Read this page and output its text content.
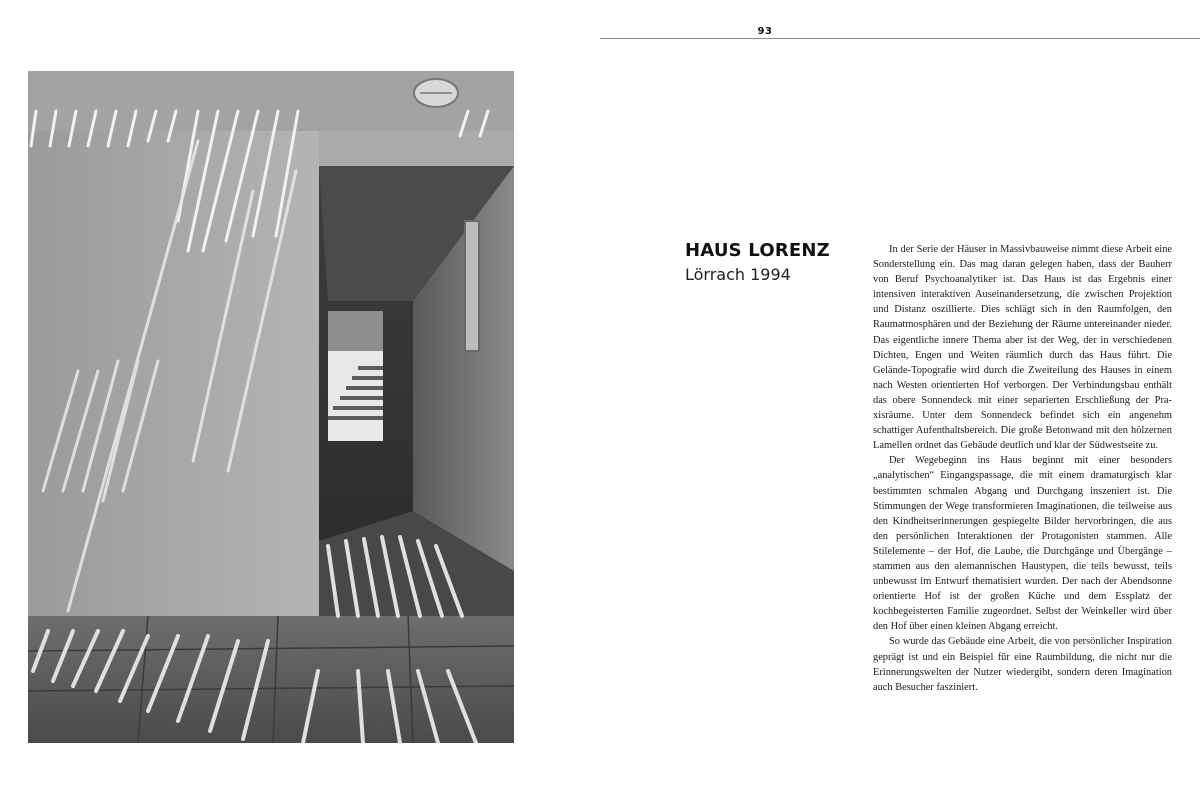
93
HAUS LORENZ
Lörrach 1994

In der Serie der Häuser in Massivbauweise nimmt diese Arbeit eine Sonderstellung ein. Das mag daran gelegen haben, dass der Bauherr von Beruf Psychoanalytiker ist. Das Haus ist das Ergebnis einer intensiven interaktiven Auseinandersetzung, die zwischen Projektion und Distanz oszillierte. Dies schlägt sich in den Raumfolgen, den Raumatmosphären und der Beziehung der Räume untereinander nieder. Das eigentliche innere Thema aber ist der Weg, der in verschiedenen Dichten, Engen und Weiten räumlich durch das Haus führt. Die Gelände-Topografie wird durch die Zweiteilung des Hauses in einem nach Westen orientierten Hof verborgen. Der Verbindungsbau enthält das obere Sonnendeck mit einer separierten Erschließung der Praxisräume. Unter dem Sonnendeck befindet sich ein angenehm schattiger Aufenthaltsbereich. Die große Betonwand mit den hölzernen Lamellen ordnet das Gebäude deutlich und klar der Südwestseite zu.

Der Wegebeginn ins Haus beginnt mit einer besonders „analytischen“ Eingangspassage, die mit einem dramaturgisch klar bestimmten schmalen Abgang und Durchgang inszeniert ist. Die Stimmungen der Wege transformieren Imaginationen, die teilweise aus den Kindheitserinnerungen gespiegelte Bilder hervorbringen, die aus den persönlichen Interaktionen der Protagonisten stammen. Alle Stilelemente – der Hof, die Laube, die Durchgänge und Übergänge – stammen aus den alemannischen Haustypen, die teils bewusst, teils unbewusst im Entwurf thematisiert wurden. Der nach der Abendsonne orientierte Hof ist der großen Küche und dem Essplatz der kochbegeisterten Familie zugeordnet. Selbst der Weinkeller wird über den Hof über einen kleinen Abgang erreicht.

So wurde das Gebäude eine Arbeit, die von persönlicher Inspiration geprägt ist und ein Beispiel für eine Raumbildung, die nicht nur die Erinnerungswelten der Nutzer wiedergibt, sondern deren Imagination auch Besucher fasziniert.
